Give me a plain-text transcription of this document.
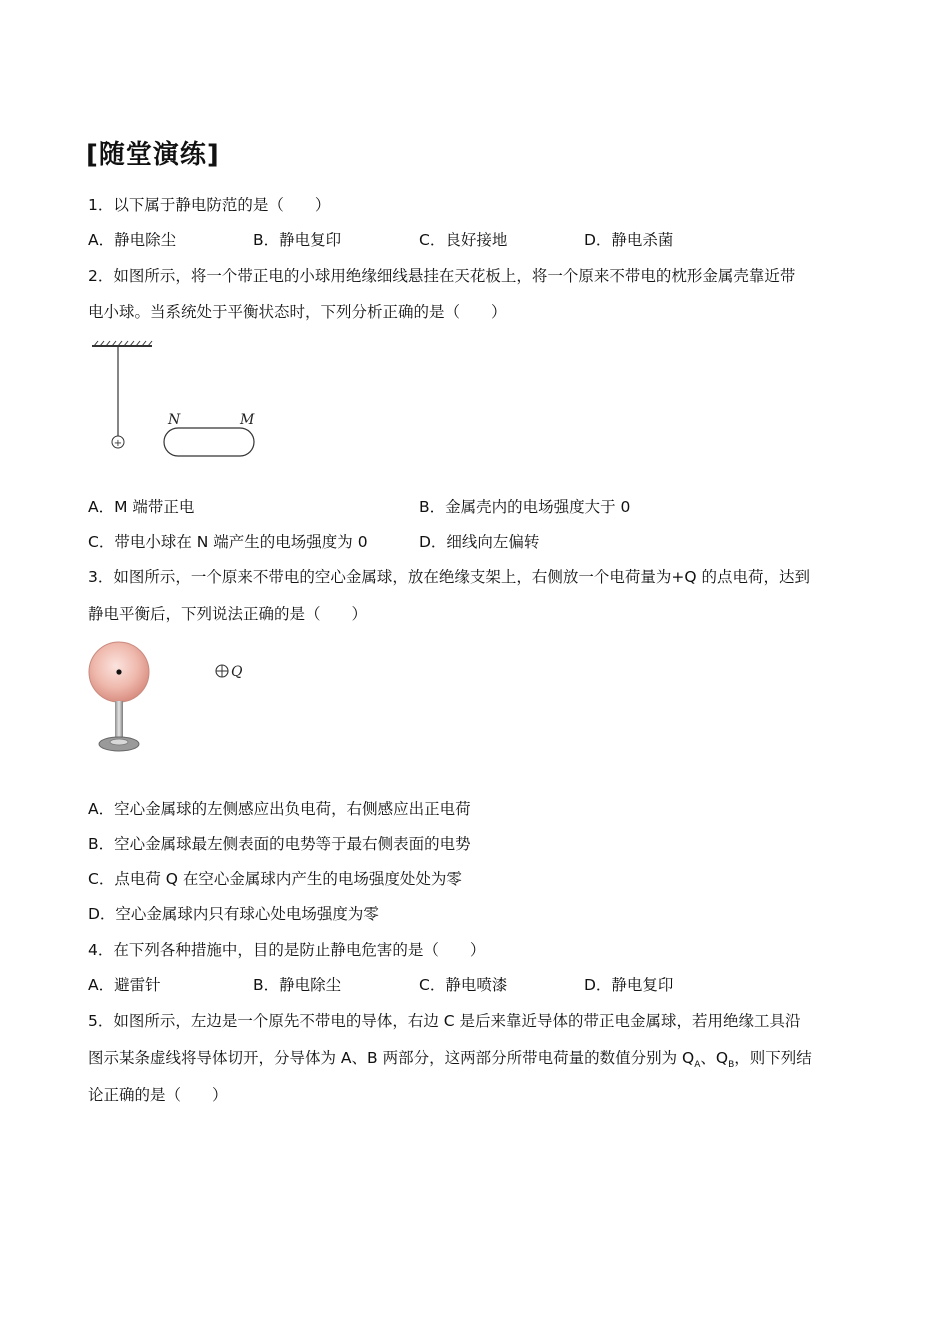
[随堂演练]
1．以下属于静电防范的是（　　）
A．静电除尘	B．静电复印	C．良好接地	D．静电杀菌
2．如图所示，将一个带正电的小球用绝缘细线悬挂在天花板上，将一个原来不带电的枕形金属壳靠近带
电小球。当系统处于平衡状态时，下列分析正确的是（　　）
+
N	M
A．M 端带正电	B．金属壳内的电场强度大于 0
C．带电小球在 N 端产生的电场强度为 0	D．细线向左偏转
3．如图所示，一个原来不带电的空心金属球，放在绝缘支架上，右侧放一个电荷量为+Q 的点电荷，达到
静电平衡后，下列说法正确的是（　　）
Q
A．空心金属球的左侧感应出负电荷，右侧感应出正电荷
B．空心金属球最左侧表面的电势等于最右侧表面的电势
C．点电荷 Q 在空心金属球内产生的电场强度处处为零
D．空心金属球内只有球心处电场强度为零
4．在下列各种措施中，目的是防止静电危害的是（　　）
A．避雷针	B．静电除尘	C．静电喷漆	D．静电复印
5．如图所示，左边是一个原先不带电的导体，右边 C 是后来靠近导体的带正电金属球，若用绝缘工具沿
图示某条虚线将导体切开，分导体为 A、B 两部分，这两部分所带电荷量的数值分别为 $Q_A$、$Q_B$，则下列结
论正确的是（　　）
